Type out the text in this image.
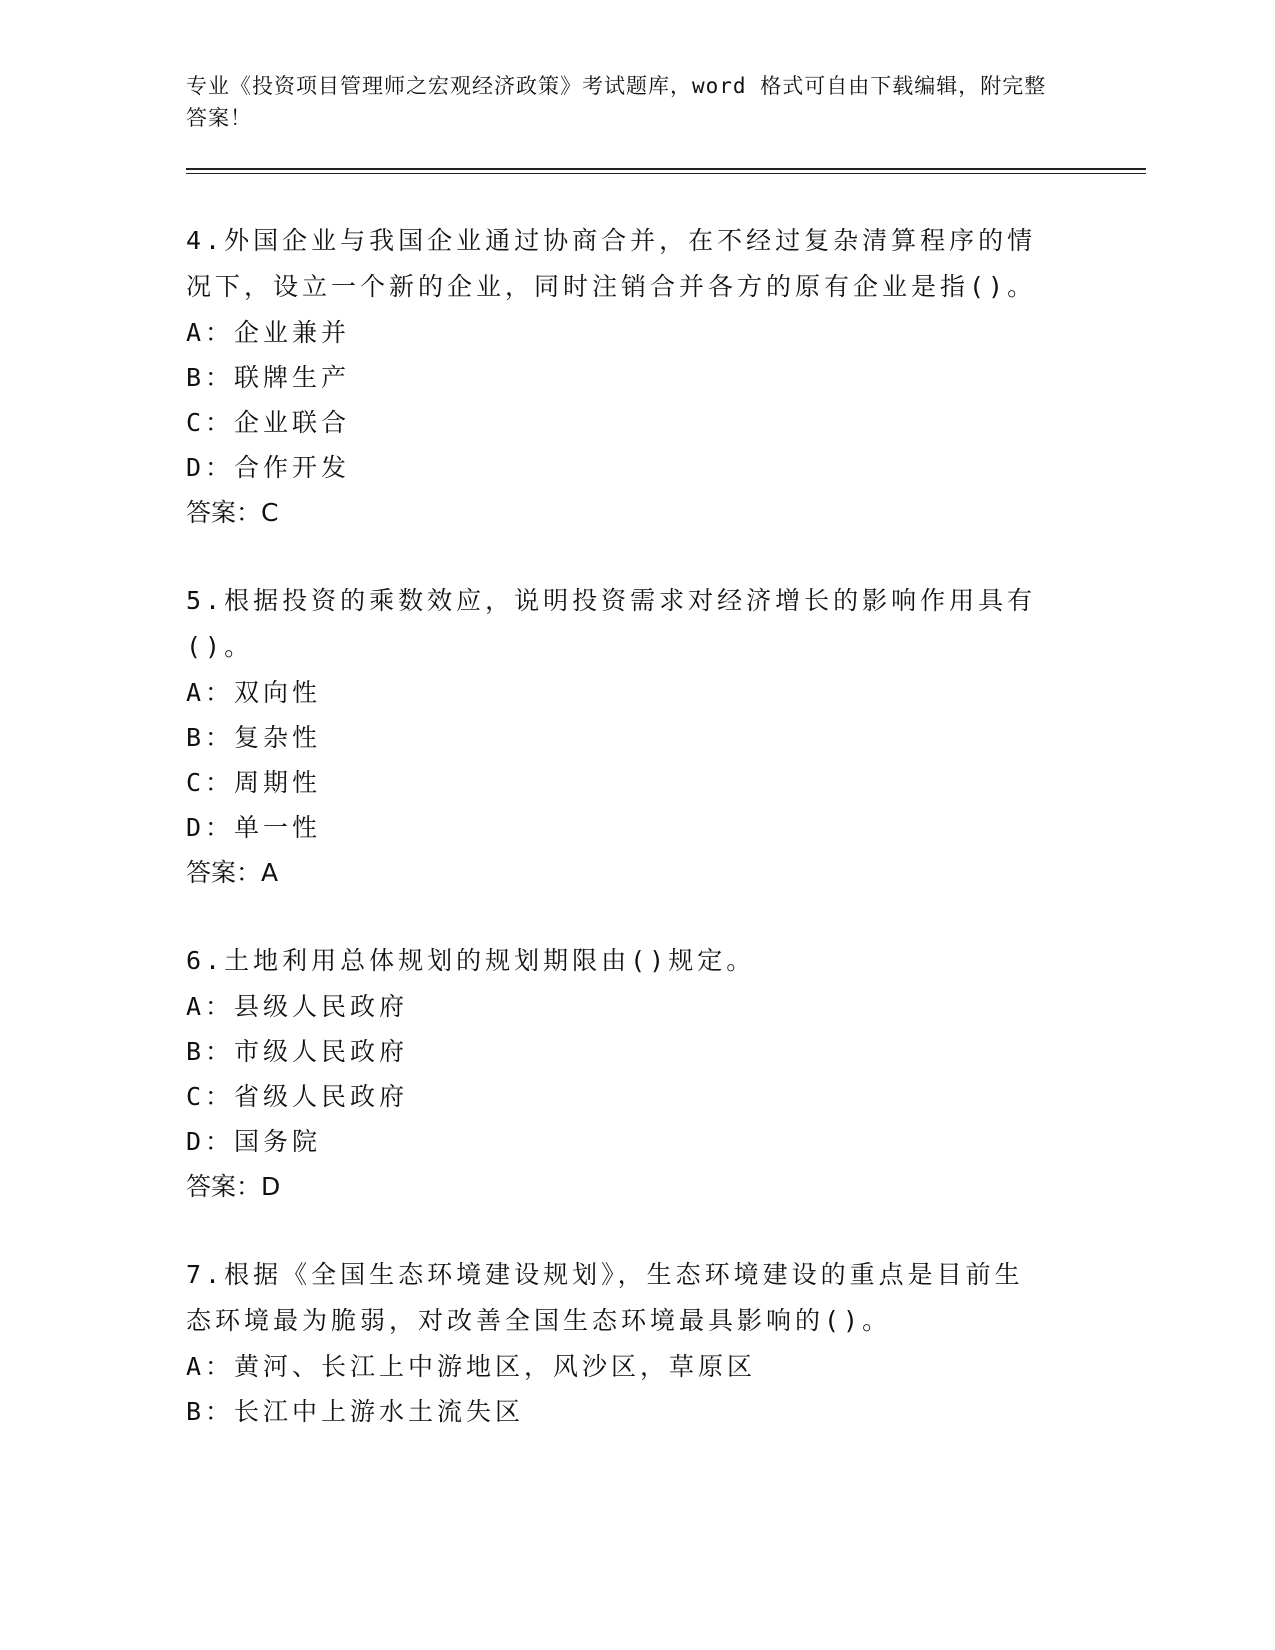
专业《投资项目管理师之宏观经济政策》考试题库，word 格式可自由下载编辑，附完整答案！

4.外国企业与我国企业通过协商合并，在不经过复杂清算程序的情况下，设立一个新的企业，同时注销合并各方的原有企业是指()。

A：企业兼并

B：联牌生产

C：企业联合

D：合作开发

答案：C

5.根据投资的乘数效应，说明投资需求对经济增长的影响作用具有()。

A：双向性

B：复杂性

C：周期性

D：单一性

答案：A

6.土地利用总体规划的规划期限由()规定。

A：县级人民政府

B：市级人民政府

C：省级人民政府

D：国务院

答案：D

7.根据《全国生态环境建设规划》，生态环境建设的重点是目前生态环境最为脆弱，对改善全国生态环境最具影响的()。

A：黄河、长江上中游地区，风沙区，草原区

B：长江中上游水土流失区
